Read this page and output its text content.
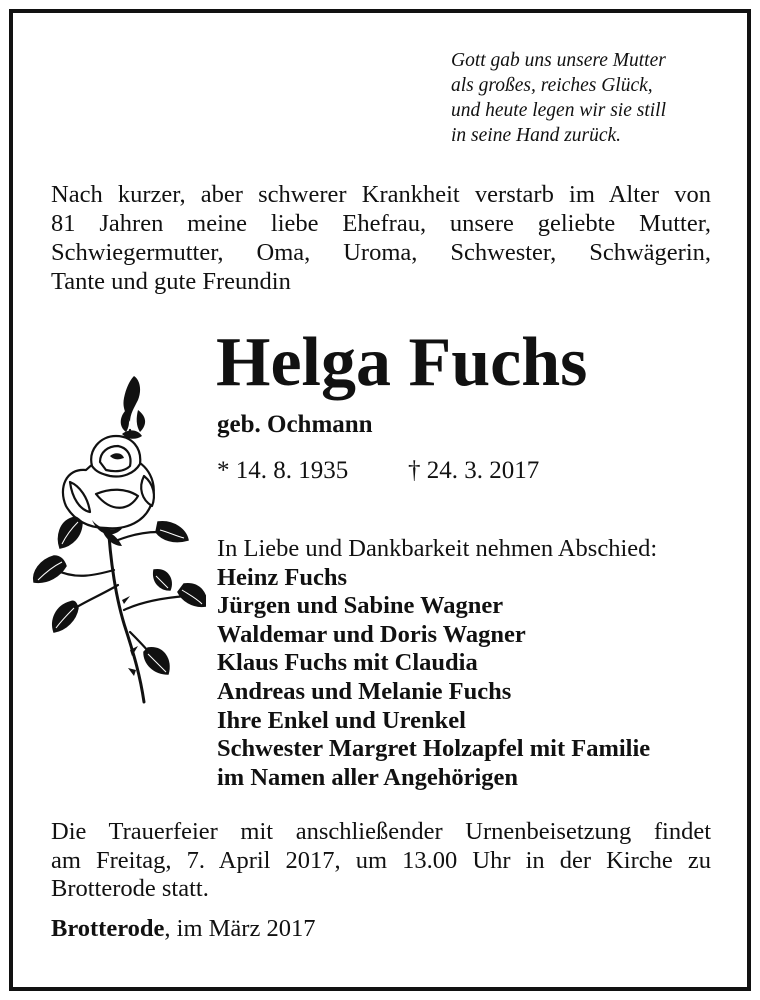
Gott gab uns unsere Mutter
als großes, reiches Glück,
und heute legen wir sie still
in seine Hand zurück.
Nach kurzer, aber schwerer Krankheit verstarb im Alter von
81 Jahren meine liebe Ehefrau, unsere geliebte Mutter,
Schwiegermutter, Oma, Uroma, Schwester, Schwägerin,
Tante und gute Freundin
Helga Fuchs
geb. Ochmann
* 14. 8. 1935 † 24. 3. 2017
In Liebe und Dankbarkeit nehmen Abschied:
Heinz Fuchs
Jürgen und Sabine Wagner
Waldemar und Doris Wagner
Klaus Fuchs mit Claudia
Andreas und Melanie Fuchs
Ihre Enkel und Urenkel
Schwester Margret Holzapfel mit Familie
im Namen aller Angehörigen
Die Trauerfeier mit anschließender Urnenbeisetzung findet
am Freitag, 7. April 2017, um 13.00 Uhr in der Kirche zu
Brotterode statt.
Brotterode, im März 2017
